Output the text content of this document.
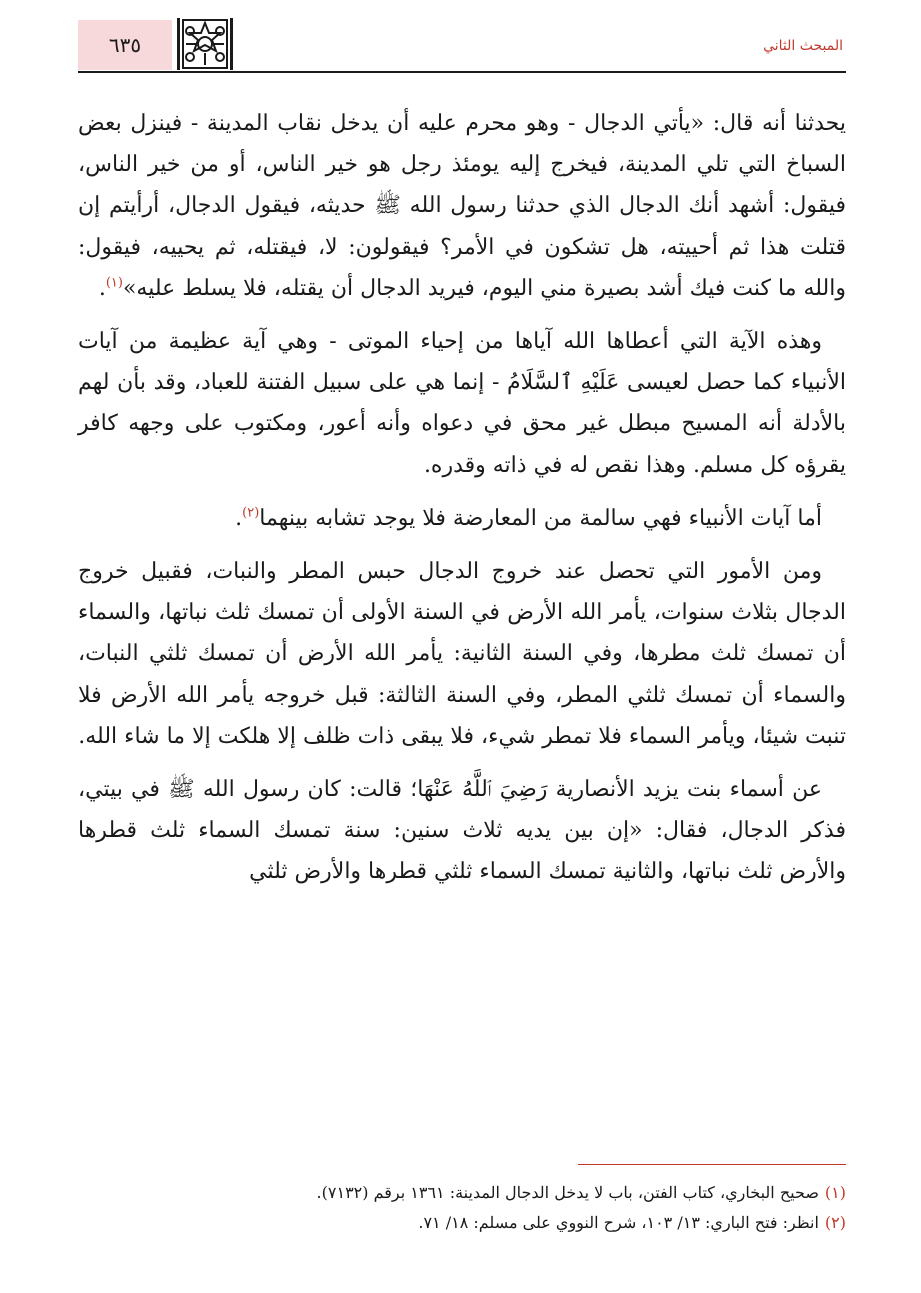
٦٣٥	المبحث الثاني

يحدثنا أنه قال: «يأتي الدجال - وهو محرم عليه أن يدخل نقاب المدينة - فينزل بعض السباخ التي تلي المدينة، فيخرج إليه يومئذ رجل هو خير الناس، أو من خير الناس، فيقول: أشهد أنك الدجال الذي حدثنا رسول الله ﷺ حديثه، فيقول الدجال، أرأيتم إن قتلت هذا ثم أحييته، هل تشكون في الأمر؟ فيقولون: لا، فيقتله، ثم يحييه، فيقول: والله ما كنت فيك أشد بصيرة مني اليوم، فيريد الدجال أن يقتله، فلا يسلط عليه»$^{(١)}$.

وهذه الآية التي أعطاها الله آياها من إحياء الموتى - وهي آية عظيمة من آيات الأنبياء كما حصل لعيسى عَلَيْهِ ٱلسَّلَامُ - إنما هي على سبيل الفتنة للعباد، وقد بأن لهم بالأدلة أنه المسيح مبطل غير محق في دعواه وأنه أعور، ومكتوب على وجهه كافر يقرؤه كل مسلم. وهذا نقص له في ذاته وقدره.

أما آيات الأنبياء فهي سالمة من المعارضة فلا يوجد تشابه بينهما$^{(٢)}$.

ومن الأمور التي تحصل عند خروج الدجال حبس المطر والنبات، فقبيل خروج الدجال بثلاث سنوات، يأمر الله الأرض في السنة الأولى أن تمسك ثلث نباتها، والسماء أن تمسك ثلث مطرها، وفي السنة الثانية: يأمر الله الأرض أن تمسك ثلثي النبات، والسماء أن تمسك ثلثي المطر، وفي السنة الثالثة: قبل خروجه يأمر الله الأرض فلا تنبت شيئا، ويأمر السماء فلا تمطر شيء، فلا يبقى ذات ظلف إلا هلكت إلا ما شاء الله.

عن أسماء بنت يزيد الأنصارية رَضِيَ ٱللَّهُ عَنْهَا؛ قالت: كان رسول الله ﷺ في بيتي، فذكر الدجال، فقال: «إن بين يديه ثلاث سنين: سنة تمسك السماء ثلث قطرها والأرض ثلث نباتها، والثانية تمسك السماء ثلثي قطرها والأرض ثلثي

(١)صحيح البخاري، كتاب الفتن، باب لا يدخل الدجال المدينة: ١٣٦١ برقم (٧١٣٢).
(٢)انظر: فتح الباري: ١٣/ ١٠٣، شرح النووي على مسلم: ١٨/ ٧١.
